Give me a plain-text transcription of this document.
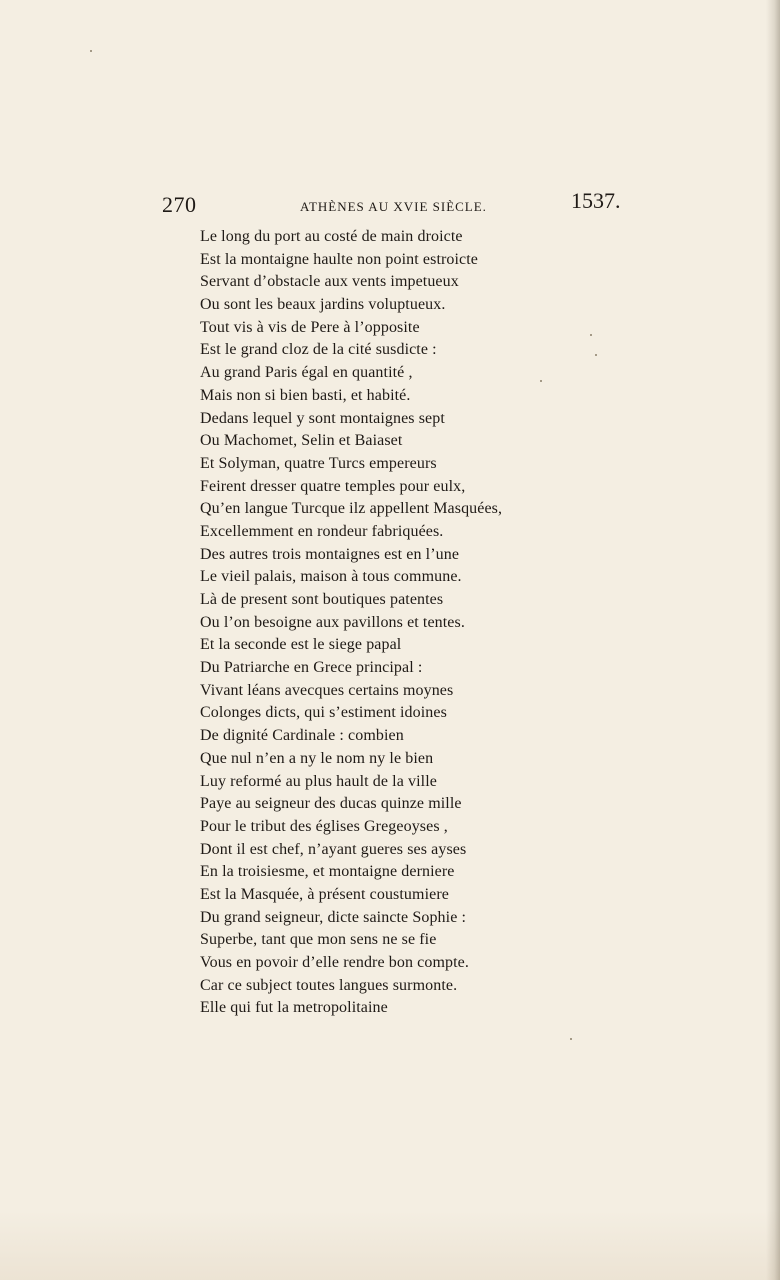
270	ATHÈNES AU XVIE SIÈCLE.	1537.
Le long du port au costé de main droicte
Est la montaigne haulte non point estroicte
Servant d’obstacle aux vents impetueux
Ou sont les beaux jardins voluptueux.
Tout vis à vis de Pere à l’opposite
Est le grand cloz de la cité susdicte :
Au grand Paris égal en quantité ,
Mais non si bien basti, et habité.
Dedans lequel y sont montaignes sept
Ou Machomet, Selin et Baiaset
Et Solyman, quatre Turcs empereurs
Feirent dresser quatre temples pour eulx,
Qu’en langue Turcque ilz appellent Masquées,
Excellemment en rondeur fabriquées.
Des autres trois montaignes est en l’une
Le vieil palais, maison à tous commune.
Là de present sont boutiques patentes
Ou l’on besoigne aux pavillons et tentes.
Et la seconde est le siege papal
Du Patriarche en Grece principal :
Vivant léans avecques certains moynes
Colonges dicts, qui s’estiment idoines
De dignité Cardinale : combien
Que nul n’en a ny le nom ny le bien
Luy reformé au plus hault de la ville
Paye au seigneur des ducas quinze mille
Pour le tribut des églises Gregeoyses ,
Dont il est chef, n’ayant gueres ses ayses
En la troisiesme, et montaigne derniere
Est la Masquée, à présent coustumiere
Du grand seigneur, dicte saincte Sophie :
Superbe, tant que mon sens ne se fie
Vous en povoir d’elle rendre bon compte.
Car ce subject toutes langues surmonte.
Elle qui fut la metropolitaine
